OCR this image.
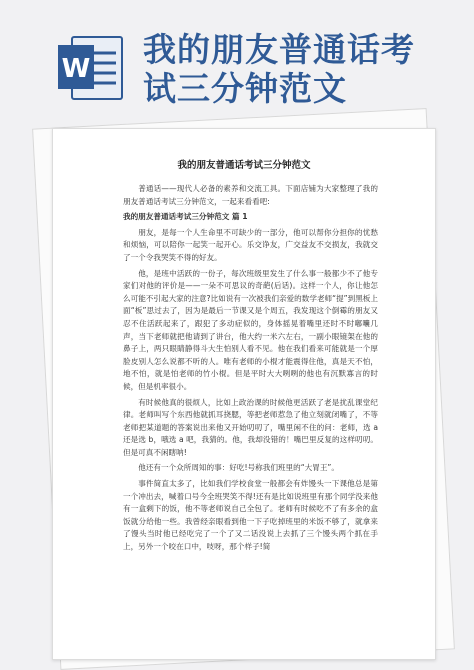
W 我的朋友普通话考
试三分钟范文
我的朋友普通话考试三分钟范文

普通话——现代人必备的素养和交流工具。下面店铺为大家整理了我的朋友普通话考试三分钟范文，一起来看看吧:

我的朋友普通话考试三分钟范文 篇 1

朋友，是每一个人生命里不可缺少的一部分，他可以帮你分担你的忧愁和烦恼，可以陪你一起笑一起开心。乐交诤友，广交益友不交损友，我就交了一个令我哭笑不得的好友。

他，是班中活跃的一份子，每次班级里发生了什么事一般都少不了他专家们对他的评价是——一朵不可思议的奇葩(后话)。这样一个人，你让他怎么可能不引起大家的注意?比如说有一次被我们亲爱的数学老师“提”到黑板上面“板”思过去了，因为是最后一节课又是个周五，我发现这个倒霉的朋友又忍不住活跃起来了，跟犯了多动症似的，身体摇晃着嘴里还时不时嘟囔几声，当下老师就把他请到了讲台，他大约一米六左右，一副小眼镜架在他的鼻子上，两只眼睛静得斗大生怕别人看不见。他在我们看来可能就是一个厚脸皮别人怎么说都不听的人。唯有老师的小棍才能震得住他，真是天不怕，地不怕，就是怕老师的竹小棍。但是平时大大咧咧的他也有沉默寡言的时候，但是机率很小。

有时候他真的很烦人，比如上政治课的时候他更活跃了老是扰乱课堂纪律。老师叫写个东西他就抓耳挠腮，等把老师惹急了他立刻就闭嘴了，不等老师把某道题的答案说出来他又开始叨叨了，嘴里闲不住的问：老师，选 a 还是选 b，哦选 a 吧，我猜的。他，我却没错的！嘴巴里反复的这样叨叨。但是可真不闲瞎呐!

他还有一个众所周知的事：好吃!号称我们班里的“大胃王”。

事件简直太多了，比如我们学校食堂一般都会有炸馒头一下课他总是第一个冲出去，喊着口号今全班哭笑不得!还有是比如说班里有那个同学没来他有一盒剩下的饭，他不等老师说自己全包了。老师有时候吃不了有多余的盒饭就分给他一些。我曾经亲眼看到他一下子吃掉班里的米饭不够了，就拿来了馒头当时他已经吃完了一个了又二话没说上去抓了三个馒头两个抓在手上，另外一个咬在口中，吱呀，那个样子!简
